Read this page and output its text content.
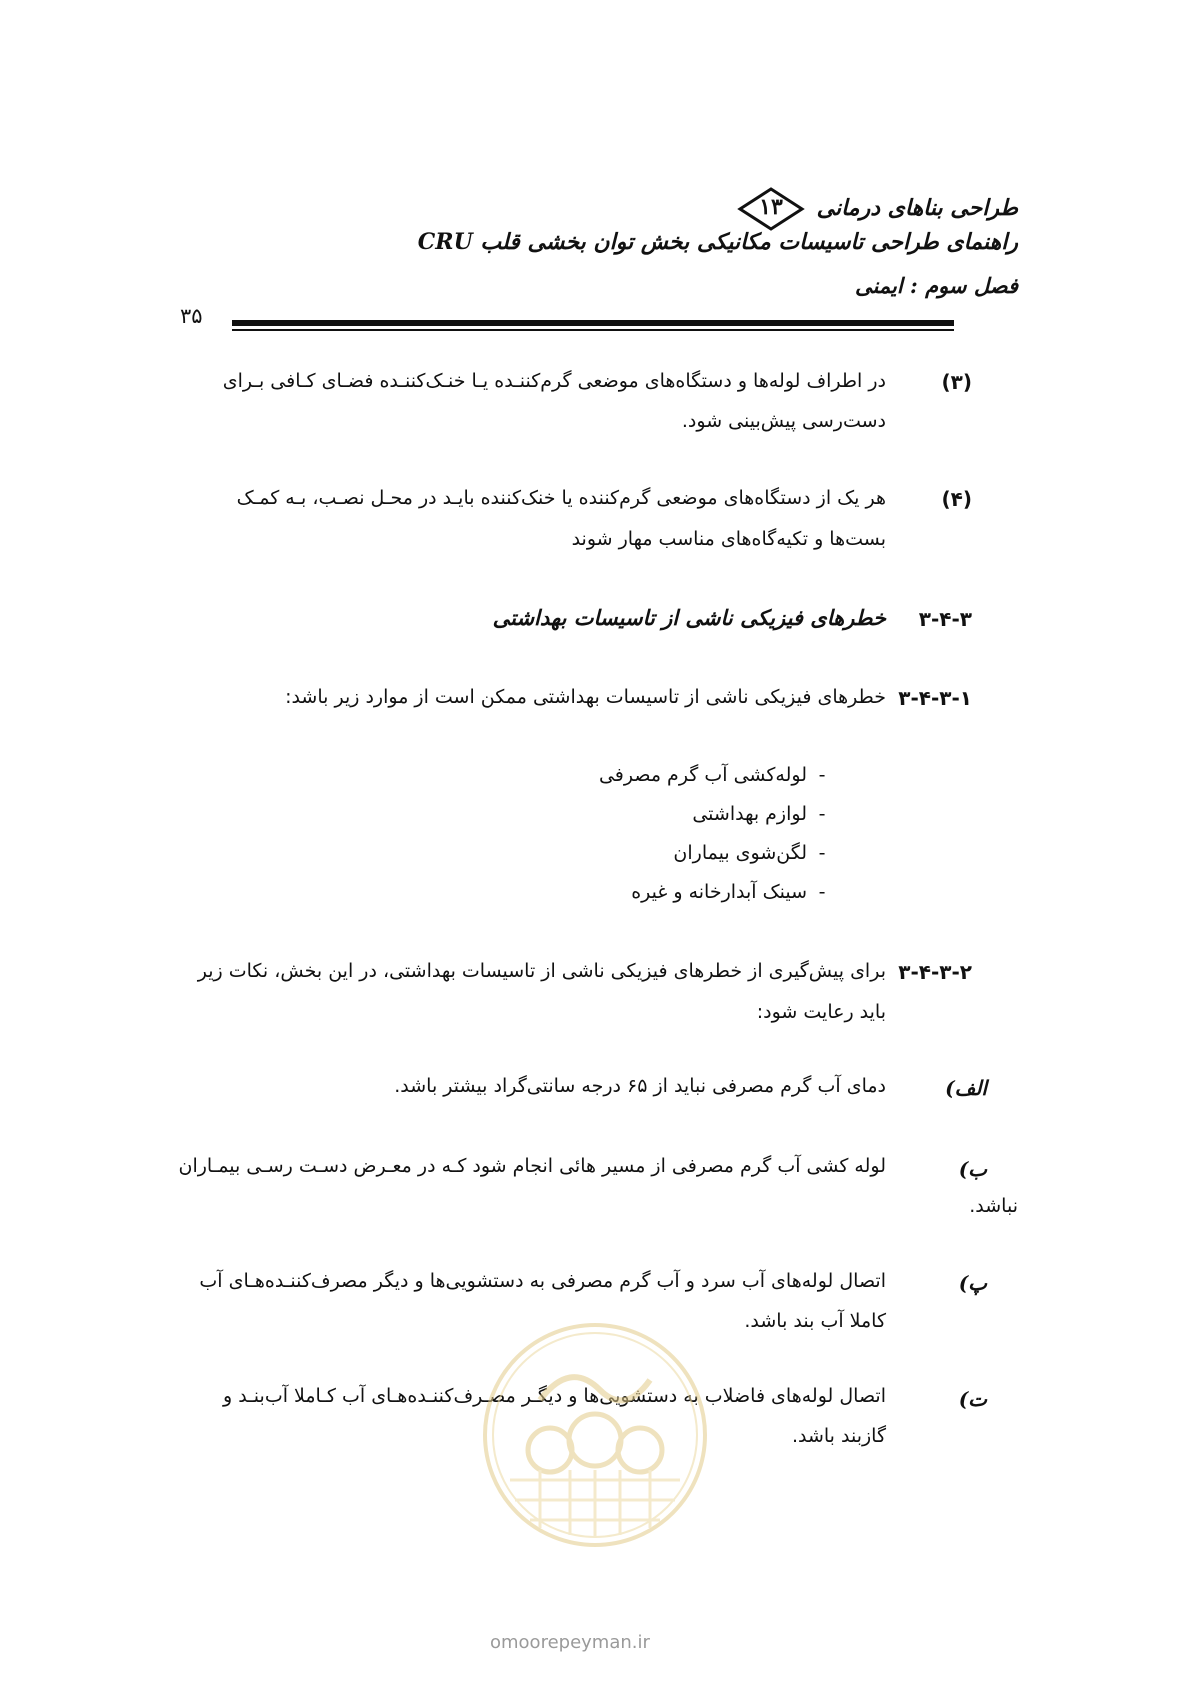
طراحی بناهای درمانی
۱۳
راهنمای طراحی تاسیسات مکانیکی بخش توان بخشی قلب CRU
فصل سوم : ایمنی
۳۵
(۳)
در اطراف لوله‌ها و دستگاه‌های موضعی گرم‌کننـده یـا خنـک‌کننـده فضـای کـافی بـرای
دست‌رسی پیش‌بینی شود.
(۴)
هر یک از دستگاه‌های موضعی گرم‌کننده یا خنک‌کننده بایـد در محـل نصـب، بـه کمـک
بست‌ها و تکیه‌گاه‌های مناسب مهار شوند
۳-۴-۳
خطرهای فیزیکی ناشی از تاسیسات بهداشتی
۳-۴-۳-۱
خطرهای فیزیکی ناشی از تاسیسات بهداشتی ممکن است از موارد زیر باشد:
-لوله‌کشی آب گرم مصرفی
-لوازم بهداشتی
-لگن‌شوی بیماران
-سینک آبدارخانه و غیره
۳-۴-۳-۲
برای پیش‌گیری از خطرهای فیزیکی ناشی از تاسیسات بهداشتی، در این بخش، نکات زیر
باید رعایت شود:
الف)
دمای آب گرم مصرفی نباید از ۶۵ درجه سانتی‌گراد بیشتر باشد.
ب)
لوله کشی آب گرم مصرفی از مسیر هائی انجام شود کـه در معـرض دسـت رسـی بیمـاران
نباشد.
پ)
اتصال لوله‌های آب سرد و آب گرم مصرفی به دستشویی‌ها و دیگر مصرف‌کننـده‌هـای آب
کاملا آب بند باشد.
ت)
اتصال لوله‌های فاضلاب به دستشویی‌ها و دیگـر مصـرف‌کننـده‌هـای آب کـاملا آب‌بنـد و
گازبند باشد.
omoorepeyman.ir
